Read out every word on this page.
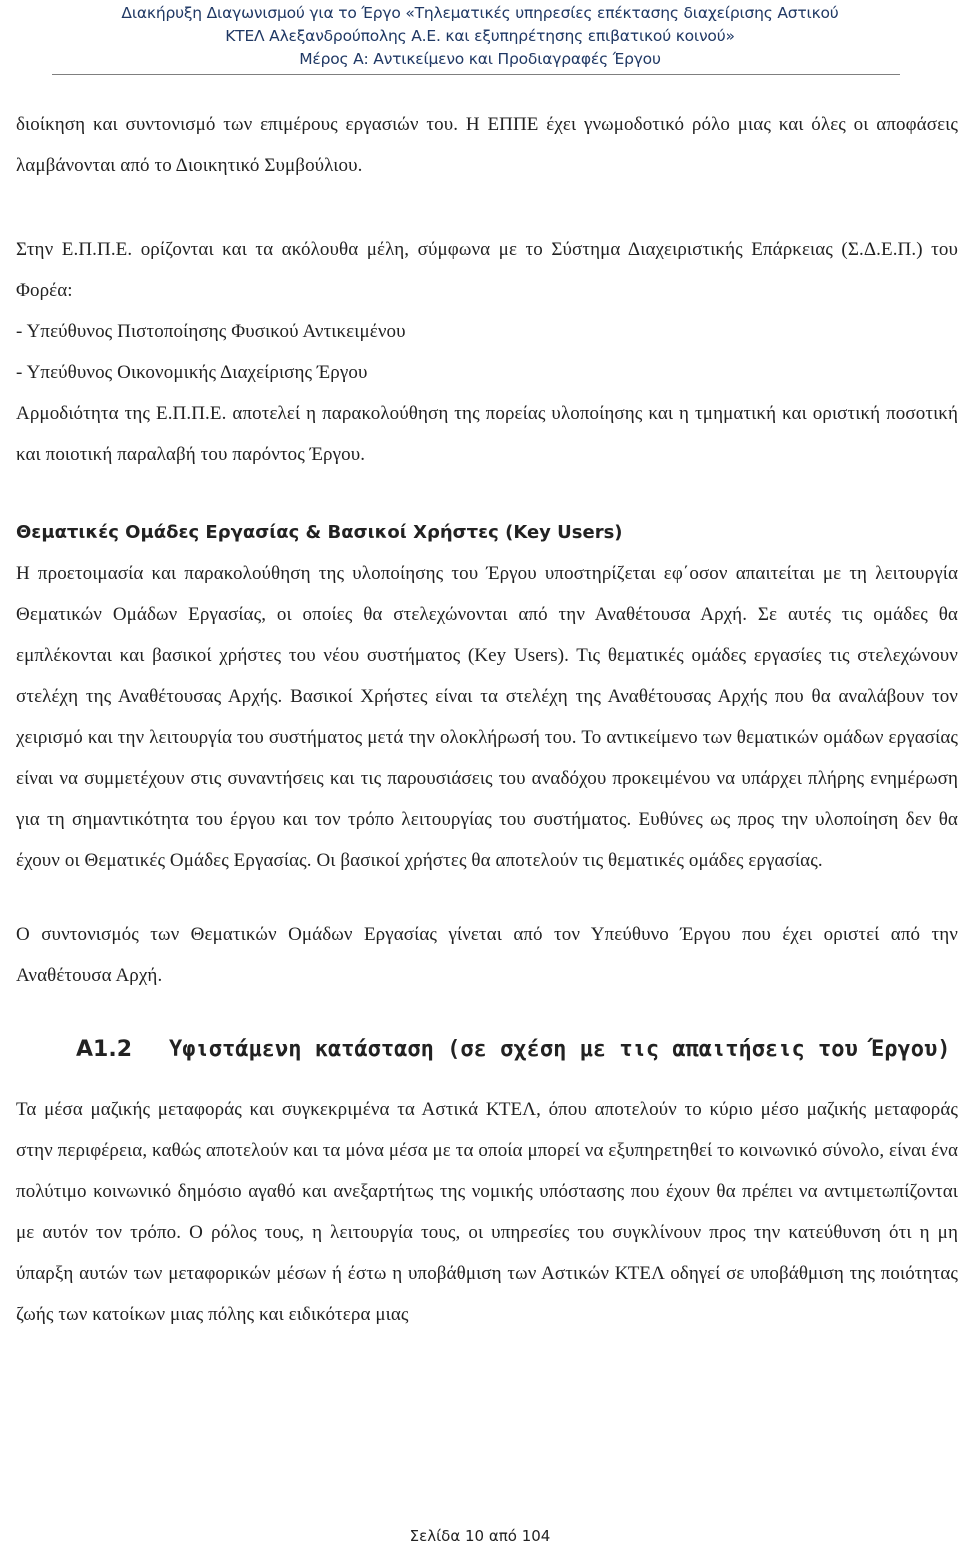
Διακήρυξη Διαγωνισμού για το Έργο «Τηλεματικές υπηρεσίες επέκτασης διαχείρισης Αστικού
ΚΤΕΛ Αλεξανδρούπολης Α.Ε. και εξυπηρέτησης επιβατικού κοινού»
Μέρος Α: Αντικείμενο και Προδιαγραφές Έργου

διοίκηση και συντονισμό των επιμέρους εργασιών του. Η ΕΠΠΕ έχει γνωμοδοτικό ρόλο μιας και όλες οι αποφάσεις λαμβάνονται από το Διοικητικό Συμβούλιου.

Στην Ε.Π.Π.Ε. ορίζονται και τα ακόλουθα μέλη, σύμφωνα με το Σύστημα Διαχειριστικής Επάρκειας (Σ.Δ.Ε.Π.) του Φορέα:

- Υπεύθυνος Πιστοποίησης Φυσικού Αντικειμένου

- Υπεύθυνος Οικονομικής Διαχείρισης Έργου

Αρμοδιότητα της Ε.Π.Π.Ε. αποτελεί η παρακολούθηση της πορείας υλοποίησης και η τμηματική και οριστική ποσοτική και ποιοτική παραλαβή του παρόντος Έργου.

Θεματικές Ομάδες Εργασίας & Βασικοί Χρήστες (Key Users)

Η προετοιμασία και παρακολούθηση της υλοποίησης του Έργου υποστηρίζεται εφ΄οσον απαιτείται με τη λειτουργία Θεματικών Ομάδων Εργασίας, οι οποίες θα στελεχώνονται από την Αναθέτουσα Αρχή. Σε αυτές τις ομάδες θα εμπλέκονται και βασικοί χρήστες του νέου συστήματος (Key Users). Τις θεματικές ομάδες εργασίες τις στελεχώνουν στελέχη της Αναθέτουσας Αρχής. Βασικοί Χρήστες είναι τα στελέχη της Αναθέτουσας Αρχής που θα αναλάβουν τον χειρισμό και την λειτουργία του συστήματος μετά την ολοκλήρωσή του. Το αντικείμενο των θεματικών ομάδων εργασίας είναι να συμμετέχουν στις συναντήσεις και τις παρουσιάσεις του αναδόχου προκειμένου να υπάρχει πλήρης ενημέρωση για τη σημαντικότητα του έργου και τον τρόπο λειτουργίας του συστήματος. Ευθύνες ως προς την υλοποίηση δεν θα έχουν οι Θεματικές Ομάδες Εργασίας. Οι βασικοί χρήστες θα αποτελούν τις θεματικές ομάδες εργασίας.

Ο συντονισμός των Θεματικών Ομάδων Εργασίας γίνεται από τον Υπεύθυνο Έργου που έχει οριστεί από την Αναθέτουσα Αρχή.

Α1.2	Υφιστάμενη κατάσταση (σε σχέση με τις απαιτήσεις του Έργου)

Τα μέσα μαζικής μεταφοράς και συγκεκριμένα τα Αστικά ΚΤΕΛ, όπου αποτελούν το κύριο μέσο μαζικής μεταφοράς στην περιφέρεια, καθώς αποτελούν και τα μόνα μέσα με τα οποία μπορεί να εξυπηρετηθεί το κοινωνικό σύνολο, είναι ένα πολύτιμο κοινωνικό δημόσιο αγαθό και ανεξαρτήτως της νομικής υπόστασης που έχουν θα πρέπει να αντιμετωπίζονται με αυτόν τον τρόπο. Ο ρόλος τους, η λειτουργία τους, οι υπηρεσίες του συγκλίνουν προς την κατεύθυνση ότι η μη ύπαρξη αυτών των μεταφορικών μέσων ή έστω η υποβάθμιση των Αστικών ΚΤΕΛ οδηγεί σε υποβάθμιση της ποιότητας ζωής των κατοίκων μιας πόλης και ειδικότερα μιας

Σελίδα 10 από 104
